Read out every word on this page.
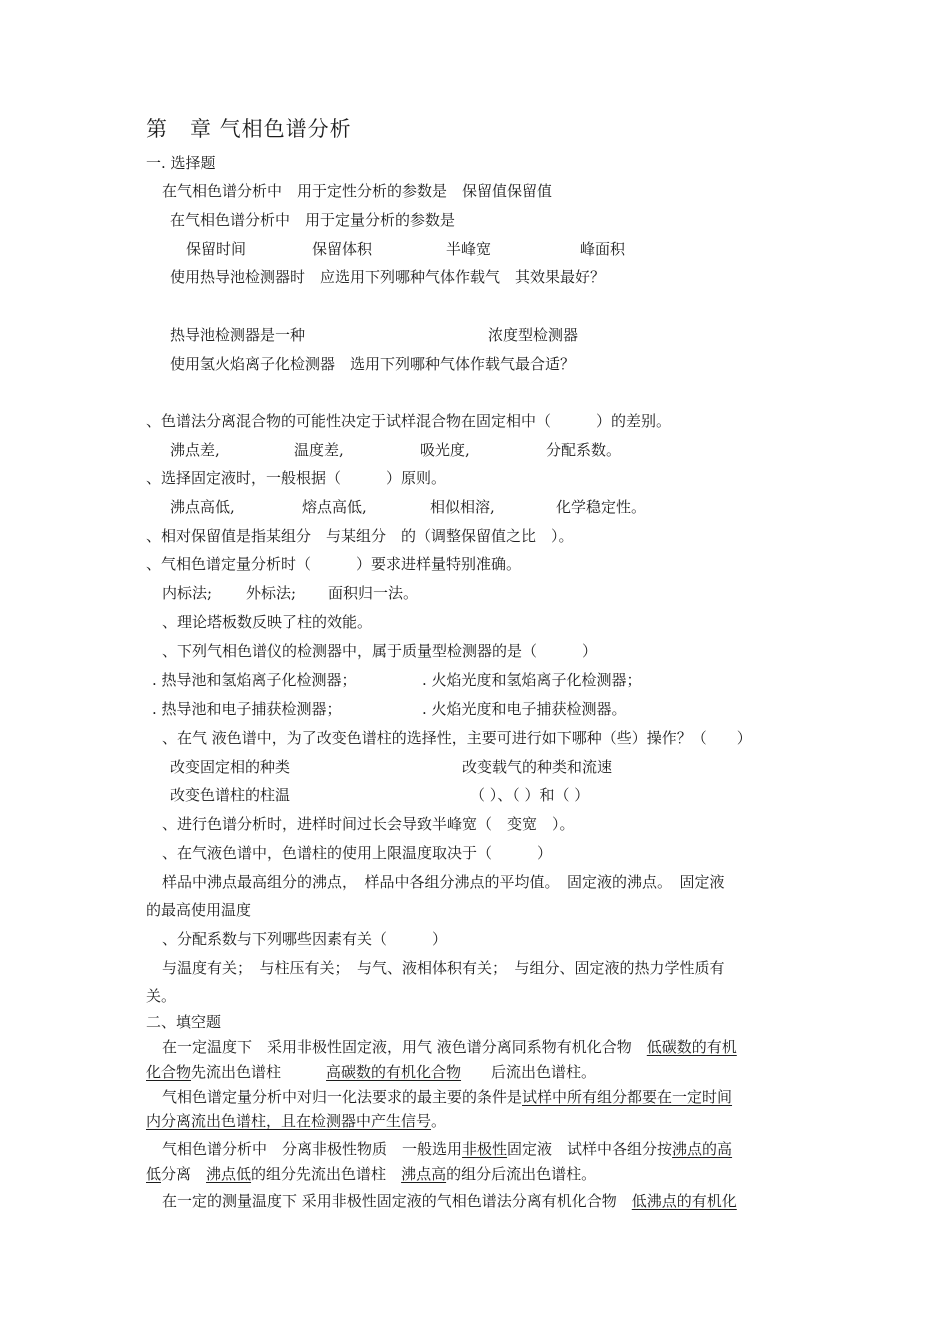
第　章 气相色谱分析
一. 选择题
在气相色谱分析中　用于定性分析的参数是　保留值保留值
在气相色谱分析中　用于定量分析的参数是
保留时间	保留体积	半峰宽	峰面积
使用热导池检测器时　应选用下列哪种气体作载气　其效果最好？
热导池检测器是一种	浓度型检测器
使用氢火焰离子化检测器　选用下列哪种气体作载气最合适？
、色谱法分离混合物的可能性决定于试样混合物在固定相中（　　　）的差别。
沸点差,	温度差,	吸光度,	分配系数。
、选择固定液时，一般根据（　　　）原则。
沸点高低,	熔点高低,	相似相溶,	化学稳定性。
、相对保留值是指某组分　与某组分　的（调整保留值之比　）。
、气相色谱定量分析时（　　　）要求进样量特别准确。
内标法; 外标法; 面积归一法。
、理论塔板数反映了柱的效能。
、下列气相色谱仪的检测器中，属于质量型检测器的是（　　　）
. 热导池和氢焰离子化检测器；	. 火焰光度和氢焰离子化检测器；
. 热导池和电子捕获检测器；	. 火焰光度和电子捕获检测器。
、在气 液色谱中，为了改变色谱柱的选择性，主要可进行如下哪种（些）操作？（　　）
改变固定相的种类	改变载气的种类和流速
改变色谱柱的柱温	（ ）、（ ）和（ ）
、进行色谱分析时，进样时间过长会导致半峰宽（　变宽　）。
、在气液色谱中，色谱柱的使用上限温度取决于（　　　）
样品中沸点最高组分的沸点，　样品中各组分沸点的平均值。　固定液的沸点。　固定液
的最高使用温度
、分配系数与下列哪些因素有关（　　　）
与温度有关；　与柱压有关；　与气、液相体积有关；　与组分、固定液的热力学性质有
关。
二、填空题
在一定温度下　采用非极性固定液，用气 液色谱分离同系物有机化合物　低碳数的有机
化合物先流出色谱柱　　　高碳数的有机化合物　　后流出色谱柱。
气相色谱定量分析中对归一化法要求的最主要的条件是试样中所有组分都要在一定时间
内分离流出色谱柱，且在检测器中产生信号。
气相色谱分析中　分离非极性物质　一般选用非极性固定液　试样中各组分按沸点的高
低分离　沸点低的组分先流出色谱柱　沸点高的组分后流出色谱柱。
在一定的测量温度下 采用非极性固定液的气相色谱法分离有机化合物　低沸点的有机化
